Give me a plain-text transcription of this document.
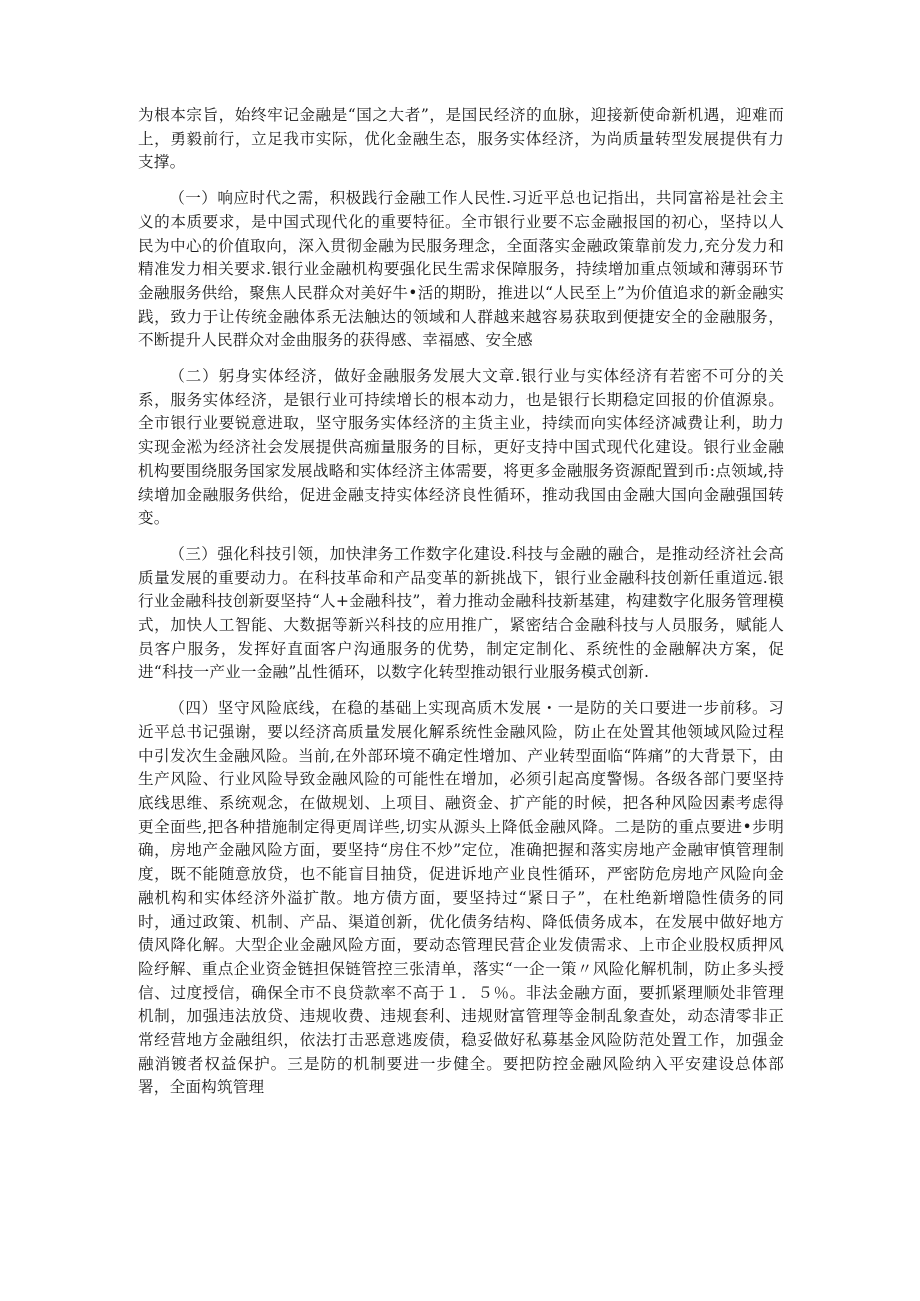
为根本宗旨，始终牢记金融是“国之大者”，是国民经济的血脉，迎接新使命新机遇，迎难而上，勇毅前行，立足我市实际，优化金融生态，服务实体经济，为尚质量转型发展提供有力支撑。

（一）响应时代之需，积极践行金融工作人民性.习近平总也记指出，共同富裕是社会主义的本质要求，是中国式现代化的重要特征。全市银行业要不忘金融报国的初心，坚持以人民为中心的价值取向，深入贯彻金融为民服务理念，全面落实金融政策靠前发力,充分发力和精准发力相关要求.银行业金融机构要强化民生需求保障服务，持续增加重点领域和薄弱环节金融服务供给，聚焦人民群众对美好牛•活的期盼，推进以“人民至上”为价值追求的新金融实践，致力于让传统金融体系无法触达的领域和人群越来越容易获取到便捷安全的金融服务，不断提升人民群众对金曲服务的获得感、幸福感、安全感

（二）躬身实体经济，做好金融服务发展大文章.银行业与实体经济有若密不可分的关系，服务实体经济，是银行业可持续增长的根本动力，也是银行长期稳定回报的价值源泉。全市银行业要锐意进取，坚守服务实体经济的主货主业，持续而向实体经济减费让利，助力实现金淞为经济社会发展提供高痂量服务的目标，更好支持中国式现代化建设。银行业金融机构要围绕服务国家发展战略和实体经济主体需要，将更多金融服务资源配置到币:点领域,持续增加金融服务供给，促进金融支持实体经济良性循环，推动我国由金融大国向金融强国转变。

（三）强化科技引领，加快津务工作数字化建设.科技与金融的融合，是推动经济社会高质量发展的重要动力。在科技革命和产品变革的新挑战下，银行业金融科技创新任重道远.银行业金融科技创新耍坚持“人+金融科技”，着力推动金融科技新基建，构建数字化服务管理模式，加快人工智能、大数据等新兴科技的应用推广，紧密结合金融科技与人员服务，赋能人员客户服务，发挥好直面客户沟通服务的优势，制定定制化、系统性的金融解决方案，促进“科技一产业一金融”乩性循环，以数字化转型推动银行业服务模式创新.

（四）坚守风险底线，在稳的基础上实现高质木发展・一是防的关口要进一步前移。习近平总书记强谢，要以经济高质量发展化解系统性金融风险，防止在处置其他领域风险过程中引发次生金融风险。当前,在外部环境不确定性增加、产业转型面临“阵痛”的大背景下，由生产风险、行业风险导致金融风险的可能性在增加，必须引起高度警惕。各级各部门要坚持底线思维、系统观念，在做规划、上项目、融资金、扩产能的时候，把各种风险因素考虑得更全面些,把各种措施制定得更周详些,切实从源头上降低金融风降。二是防的重点要进•步明确，房地产金融风险方面，要坚持“房住不炒”定位，准确把握和落实房地产金融审慎管理制度，既不能随意放贷，也不能盲目抽贷，促进诉地产业良性循环，严密防危房地产风险向金融机构和实体经济外溢扩散。地方债方面，要坚持过“紧日子”，在杜绝新增隐性债务的同时，通过政策、机制、产品、渠道创新，优化债务结构、降低债务成本，在发展中做好地方债风降化解。大型企业金融风险方面，要动态管理民营企业发债需求、上市企业股权质押风险纾解、重点企业资金链担保链管控三张清单，落实“一企一策〃风险化解机制，防止多头授信、过度授信，确保全市不良贷款率不高于１．５％。非法金融方面，要抓紧理顺处非管理机制，加强违法放贷、违规收费、违规套利、违规财富管理等金制乱象查处，动态清零非正常经营地方金融组织，依法打击恶意逃废债，稳妥做好私募基金风险防范处置工作，加强金融消镀者权益保护。三是防的机制要进一步健全。要把防控金融风险纳入平安建设总体部署，全面构筑管理
